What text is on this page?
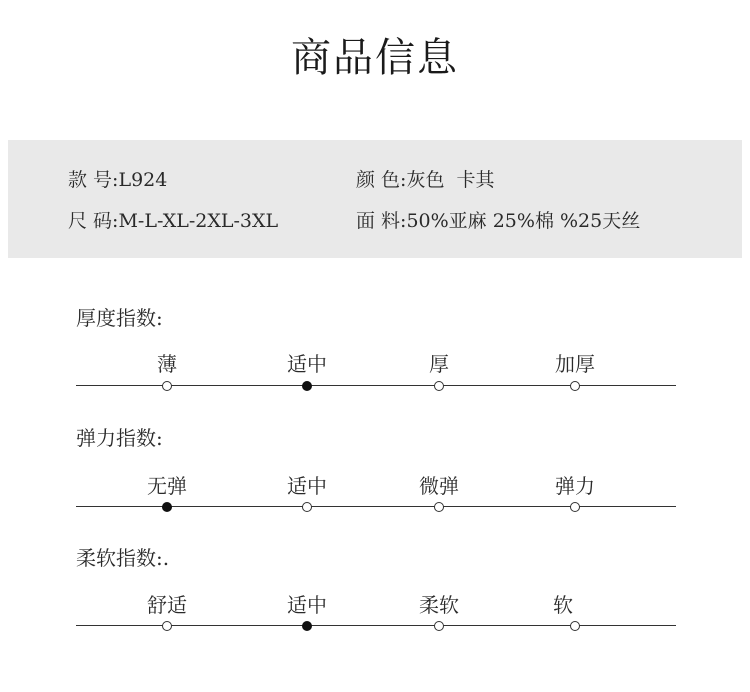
商品信息
款 号:L924	颜 色:灰色  卡其
尺 码:M-L-XL-2XL-3XL	面 料:50%亚麻 25%棉 %25天丝
厚度指数:
薄	适中	厚	加厚
弹力指数:
无弹	适中	微弹	弹力
柔软指数:.
舒适	适中	柔软	软
